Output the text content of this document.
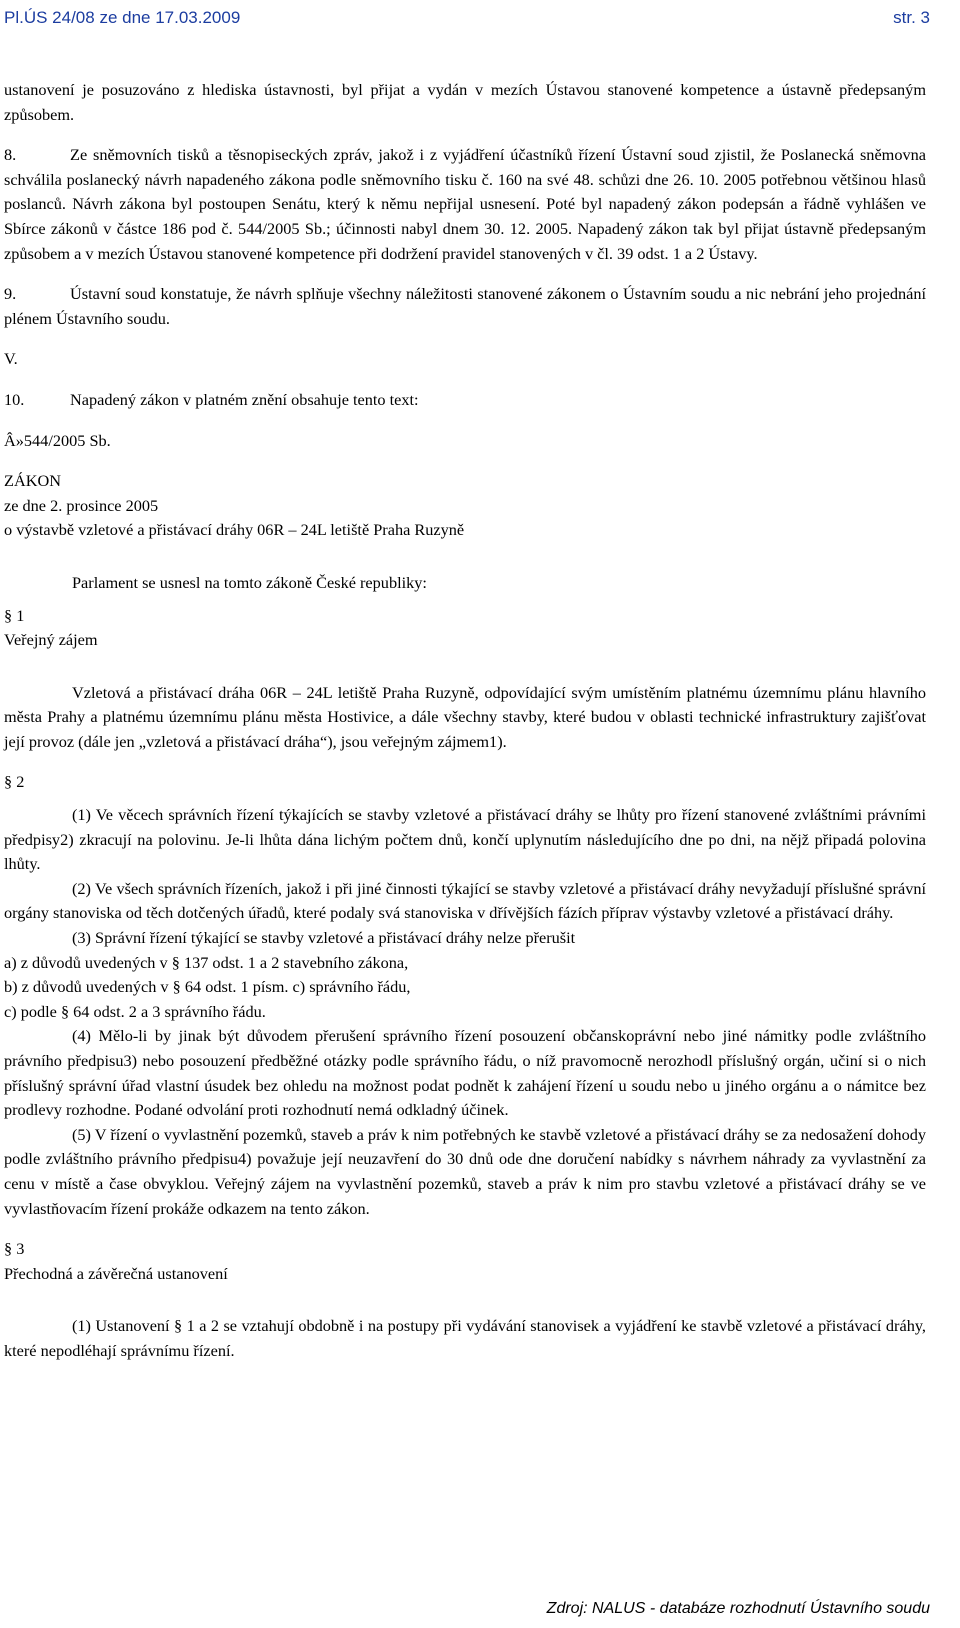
Pl.ÚS 24/08 ze dne 17.03.2009	str. 3

ustanovení je posuzováno z hlediska ústavnosti, byl přijat a vydán v mezích Ústavou stanovené kompetence a ústavně předepsaným způsobem.

8.	Ze sněmovních tisků a těsnopiseckých zpráv, jakož i z vyjádření účastníků řízení Ústavní soud zjistil, že Poslanecká sněmovna schválila poslanecký návrh napadeného zákona podle sněmovního tisku č. 160 na své 48. schůzi dne 26. 10. 2005 potřebnou většinou hlasů poslanců. Návrh zákona byl postoupen Senátu, který k němu nepřijal usnesení. Poté byl napadený zákon podepsán a řádně vyhlášen ve Sbírce zákonů v částce 186 pod č. 544/2005 Sb.; účinnosti nabyl dnem 30. 12. 2005. Napadený zákon tak byl přijat ústavně předepsaným způsobem a v mezích Ústavou stanovené kompetence při dodržení pravidel stanovených v čl. 39 odst. 1 a 2 Ústavy.

9.	Ústavní soud konstatuje, že návrh splňuje všechny náležitosti stanovené zákonem o Ústavním soudu a nic nebrání jeho projednání plénem Ústavního soudu.

V.

10.	Napadený zákon v platném znění obsahuje tento text:

Â»544/2005 Sb.

ZÁKON

ze dne 2. prosince 2005

o výstavbě vzletové a přistávací dráhy 06R – 24L letiště Praha Ruzyně

Parlament se usnesl na tomto zákoně České republiky:

§ 1

Veřejný zájem

Vzletová a přistávací dráha 06R – 24L letiště Praha Ruzyně, odpovídající svým umístěním platnému územnímu plánu hlavního města Prahy a platnému územnímu plánu města Hostivice, a dále všechny stavby, které budou v oblasti technické infrastruktury zajišťovat její provoz (dále jen „vzletová a přistávací dráha“), jsou veřejným zájmem1).

§ 2

(1) Ve věcech správních řízení týkajících se stavby vzletové a přistávací dráhy se lhůty pro řízení stanovené zvláštními právními předpisy2) zkracují na polovinu. Je-li lhůta dána lichým počtem dnů, končí uplynutím následujícího dne po dni, na nějž připadá polovina lhůty.

(2) Ve všech správních řízeních, jakož i při jiné činnosti týkající se stavby vzletové a přistávací dráhy nevyžadují příslušné správní orgány stanoviska od těch dotčených úřadů, které podaly svá stanoviska v dřívějších fázích příprav výstavby vzletové a přistávací dráhy.

(3) Správní řízení týkající se stavby vzletové a přistávací dráhy nelze přerušit

a) z důvodů uvedených v § 137 odst. 1 a 2 stavebního zákona,

b) z důvodů uvedených v § 64 odst. 1 písm. c) správního řádu,

c) podle § 64 odst. 2 a 3 správního řádu.

(4) Mělo-li by jinak být důvodem přerušení správního řízení posouzení občanskoprávní nebo jiné námitky podle zvláštního právního předpisu3) nebo posouzení předběžné otázky podle správního řádu, o níž pravomocně nerozhodl příslušný orgán, učiní si o nich příslušný správní úřad vlastní úsudek bez ohledu na možnost podat podnět k zahájení řízení u soudu nebo u jiného orgánu a o námitce bez prodlevy rozhodne. Podané odvolání proti rozhodnutí nemá odkladný účinek.

(5) V řízení o vyvlastnění pozemků, staveb a práv k nim potřebných ke stavbě vzletové a přistávací dráhy se za nedosažení dohody podle zvláštního právního předpisu4) považuje její neuzavření do 30 dnů ode dne doručení nabídky s návrhem náhrady za vyvlastnění za cenu v místě a čase obvyklou. Veřejný zájem na vyvlastnění pozemků, staveb a práv k nim pro stavbu vzletové a přistávací dráhy se ve vyvlastňovacím řízení prokáže odkazem na tento zákon.

§ 3

Přechodná a závěrečná ustanovení

(1) Ustanovení § 1 a 2 se vztahují obdobně i na postupy při vydávání stanovisek a vyjádření ke stavbě vzletové a přistávací dráhy, které nepodléhají správnímu řízení.

Zdroj: NALUS - databáze rozhodnutí Ústavního soudu
